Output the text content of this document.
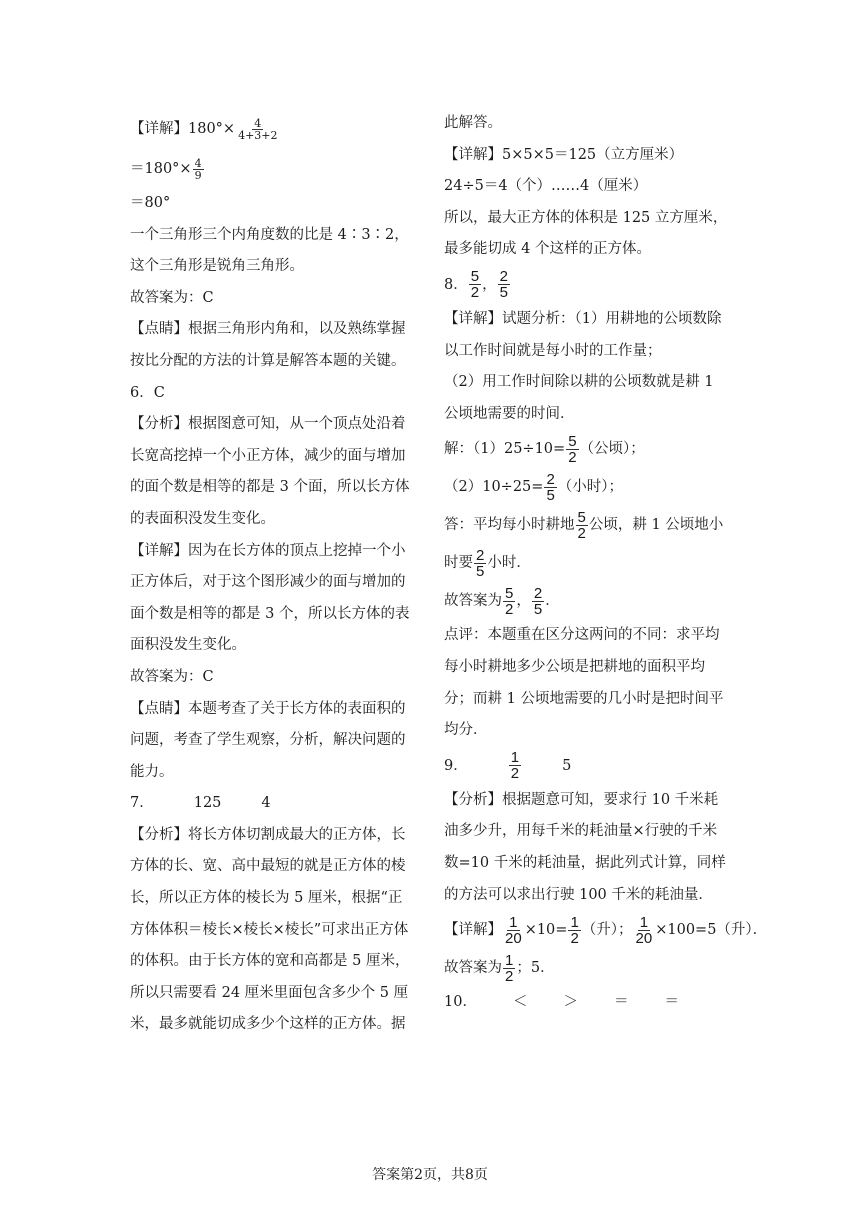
【详解】$180^\circ\times \frac{4}{4+3+2}$
$=180^\circ\times \frac{4}{9}$
＝80°
一个三角形三个内角度数的比是 4∶3∶2，
这个三角形是锐角三角形。
故答案为：C
【点睛】根据三角形内角和，以及熟练掌握
按比分配的方法的计算是解答本题的关键。
6．C
【分析】根据图意可知，从一个顶点处沿着
长宽高挖掉一个小正方体，减少的面与增加
的面个数是相等的都是 3 个面，所以长方体
的表面积没发生变化。
【详解】因为在长方体的顶点上挖掉一个小
正方体后，对于这个图形减少的面与增加的
面个数是相等的都是 3 个，所以长方体的表
面积没发生变化。
故答案为：C
【点睛】本题考查了关于长方体的表面积的
问题，考查了学生观察，分析，解决问题的
能力。
7．	125	4
【分析】将长方体切割成最大的正方体，长
方体的长、宽、高中最短的就是正方体的棱
长，所以正方体的棱长为 5 厘米，根据“正
方体体积＝棱长×棱长×棱长”可求出正方体
的体积。由于长方体的宽和高都是 5 厘米，
所以只需要看 24 厘米里面包含多少个 5 厘
米，最多就能切成多少个这样的正方体。据
此解答。
【详解】5×5×5＝125（立方厘米）
24÷5＝4（个）……4（厘米）
所以，最大正方体的体积是 125 立方厘米，
最多能切成 4 个这样的正方体。
8． $\frac{5}{2}$ ， $\frac{2}{5}$
【详解】试题分析：（1）用耕地的公顷数除
以工作时间就是每小时的工作量；
（2）用工作时间除以耕的公顷数就是耕 1
公顷地需要的时间．
解：$(1)25\div 10= \frac{5}{2}$ （公顷）；
$(2)10\div 25= \frac{2}{5}$ （小时）；
答：平均每小时耕地 $\frac{5}{2}$ 公顷，耕 1 公顷地小
时要 $\frac{2}{5}$ 小时．
故答案为 $\frac{5}{2}$ ， $\frac{2}{5}$ ．
点评：本题重在区分这两问的不同：求平均
每小时耕地多少公顷是把耕地的面积平均
分；而耕 1 公顷地需要的几小时是把时间平
均分．
9．	$\frac{1}{2}$	5
【分析】根据题意可知，要求行 10 千米耗
油多少升，用每千米的耗油量×行驶的千米
数=10 千米的耗油量，据此列式计算，同样
的方法可以求出行驶 100 千米的耗油量．
【详解】 $\frac{1}{20} \times 10= \frac{1}{2}$ （升）； $\frac{1}{20} \times 100=5$（升）．
故答案为 $\frac{1}{2}$ ；5．
10． ＜ ＞ ＝ ＝
答案第2页，共8页
